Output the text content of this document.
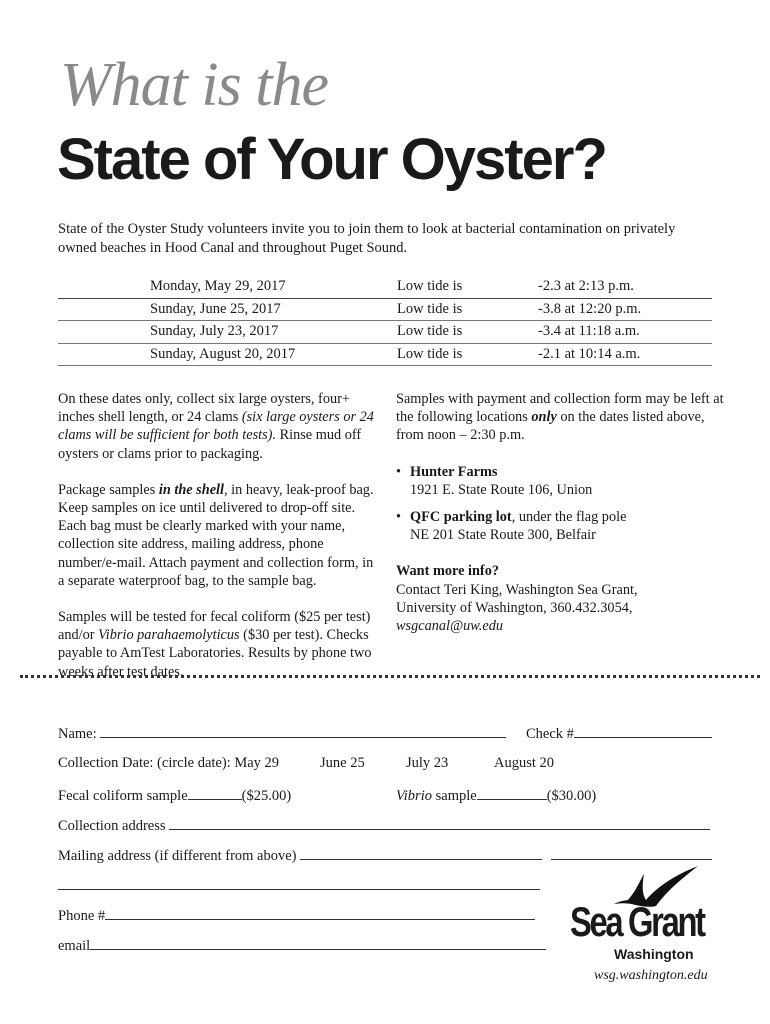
What is the
State of Your Oyster?
State of the Oyster Study volunteers invite you to join them to look at bacterial contamination on privately owned beaches in Hood Canal and throughout Puget Sound.
Monday, May 29, 2017	Low tide is	-2.3 at 2:13 p.m.
Sunday, June 25, 2017	Low tide is	-3.8 at 12:20 p.m.
Sunday, July 23, 2017	Low tide is	-3.4 at 11:18 a.m.
Sunday, August 20, 2017	Low tide is	-2.1 at 10:14 a.m.

On these dates only, collect six large oysters, four+ inches shell length, or 24 clams (six large oysters or 24 clams will be sufficient for both tests). Rinse mud off oysters or clams prior to packaging.

Package samples in the shell, in heavy, leak-proof bag. Keep samples on ice until delivered to drop-off site. Each bag must be clearly marked with your name, collection site address, mailing address, phone number/e-mail. Attach payment and collection form, in a separate waterproof bag, to the sample bag.

Samples will be tested for fecal coliform ($25 per test) and/or Vibrio parahaemolyticus ($30 per test). Checks payable to AmTest Laboratories. Results by phone two weeks after test dates.

Samples with payment and collection form may be left at the following locations only on the dates listed above, from noon – 2:30 p.m.

• Hunter Farms
1921 E. State Route 106, Union
• QFC parking lot, under the flag pole
NE 201 State Route 300, Belfair
Want more info?
Contact Teri King, Washington Sea Grant,
University of Washington, 360.432.3054,
wsgcanal@uw.edu
Name:	Check #
Collection Date: (circle date): May 29	June 25	July 23	August 20
Fecal coliform sample	($25.00)	Vibrio sample	($30.00)
Collection address
Mailing address (if different from above)
Phone #
email
Sea Grant
Washington
wsg.washington.edu
